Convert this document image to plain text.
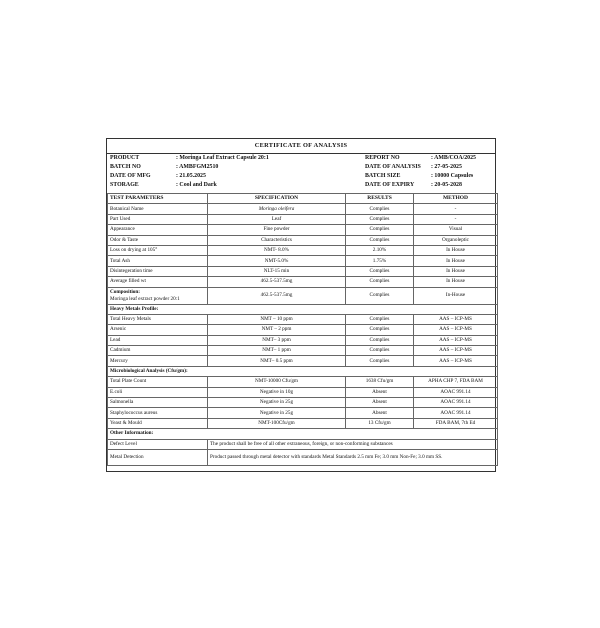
CERTIFICATE OF ANALYSIS
PRODUCT	: Moringa Leaf Extract Capsule 20:1
BATCH NO	: AMBFGM2510
DATE OF MFG	: 21.05.2025
STORAGE	: Cool and Dark
REPORT NO	: AMB/COA/2025
DATE OF ANALYSIS : 27-05-2025
BATCH SIZE	: 10000 Capsules
DATE OF EXPIRY	: 20-05-2028
TEST PARAMETERS	SPECIFICATION	RESULTS	METHOD
Botanical Name	Moringa oleifera	Complies	-
Part Used	Leaf	Complies	-
Appearance	Fine powder	Complies	Visual
Odor & Taste	Characteristics	Complies	Organoleptic
Loss on drying at 105°	NMT- 8.0%	2.10%	In House
Total Ash	NMT-5.0%	1.75%	In House
Disintegeration time	NLT-15 min	Complies	In House
Average filled wt	462.5-537.5mg	Complies	In House
Composition:
Moringa leaf extract powder 20:1	462.5-537.5mg	Complies	In-House
Heavy Metals Profile:			
Total Heavy Metals	NMT – 10 ppm	Complies	AAS – ICP-MS
Arsenic	NMT – 2 ppm	Complies	AAS – ICP-MS
Lead	NMT– 3 ppm	Complies	AAS – ICP-MS
Cadmium	NMT– 1 ppm	Complies	AAS – ICP-MS
Mercury	NMT– 0.5 ppm	Complies	AAS – ICP-MS
Microbiological Analysis (Cfu/gm):			
Total Plate Count	NMT-10000 Cfu/gm	1638 Cfu/gm	APHA CHP 7, FDA BAM
E.coli	Negative in 10g	Absent	AOAC 991.14
Salmonella	Negative in 25g	Absent	AOAC 991.14
Staphylococcus aureus	Negative in 25g	Absent	AOAC 991.14
Yeast & Mould	NMT-100Cfu/gm	13 Cfu/gm	FDA BAM, 7th Ed
Other Information:			
Defect Level	The product shall be free of all other extraneous, foreign, or non-conforming substances		
Metal Detection	Product passed through metal detector with standards Metal Standards 2.5 mm Fe; 3.0 mm Non-Fe; 3.0 mm SS.		
